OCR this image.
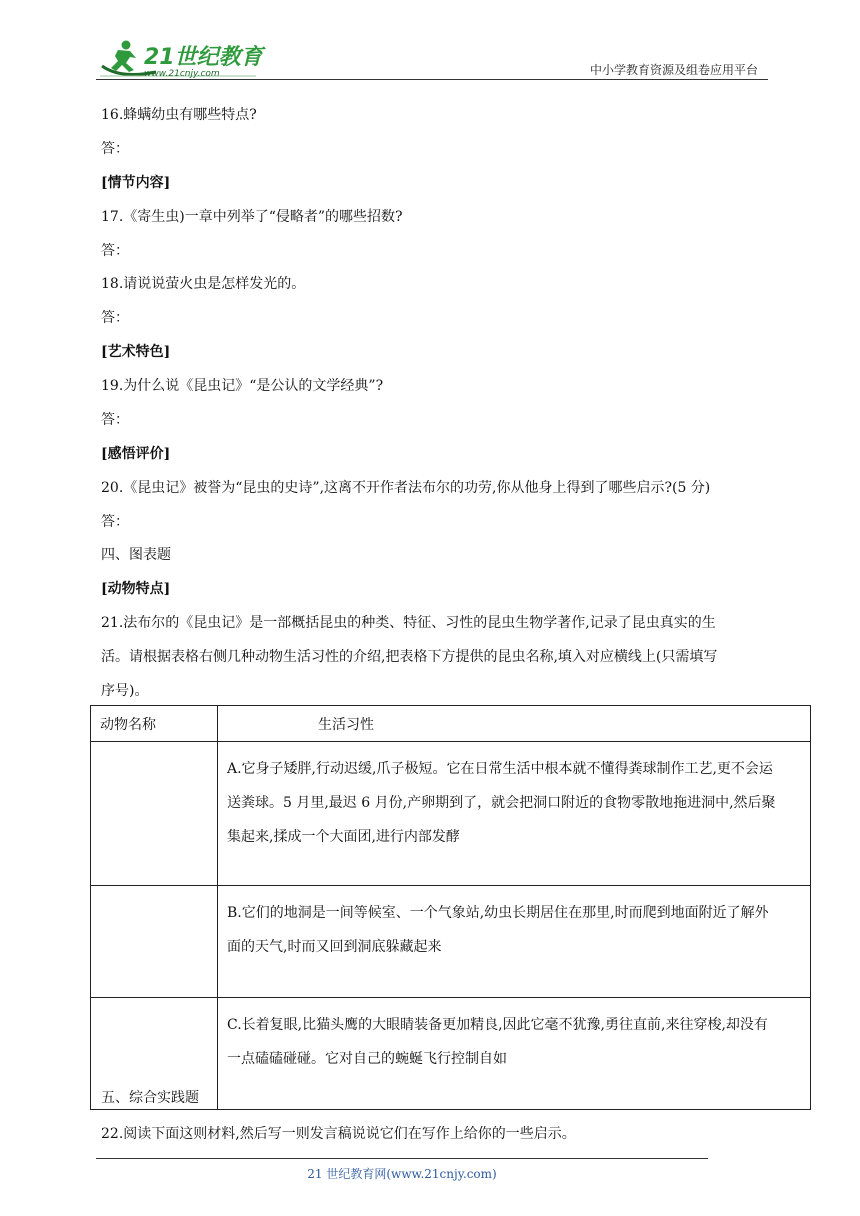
21世纪教育
www.21cnjy.com	中小学教育资源及组卷应用平台
16.蜂螨幼虫有哪些特点?
答：
[情节内容]
17.《寄生虫)一章中列举了“侵略者”的哪些招数?
答：
18.请说说萤火虫是怎样发光的。
答：
[艺术特色]
19.为什么说《昆虫记》“是公认的文学经典”?
答：
[感悟评价]
20.《昆虫记》被誉为“昆虫的史诗”,这离不开作者法布尔的功劳,你从他身上得到了哪些启示?(5 分)
答：
四、图表题
[动物特点]
21.法布尔的《昆虫记》是一部概括昆虫的种类、特征、习性的昆虫生物学著作,记录了昆虫真实的生
活。请根据表格右侧几种动物生活习性的介绍,把表格下方提供的昆虫名称,填入对应横线上(只需填写
序号)。
动物名称	生活习性

	A.它身子矮胖,行动迟缓,爪子极短。它在日常生活中根本就不懂得粪球制作工艺,更不会运
送粪球。5 月里,最迟 6 月份,产卵期到了，就会把洞口附近的食物零散地拖进洞中,然后聚
集起来,揉成一个大面团,进行内部发酵

	B.它们的地洞是一间等候室、一个气象站,幼虫长期居住在那里,时而爬到地面附近了解外
面的天气,时而又回到洞底躲藏起来

	C.长着复眼,比猫头鹰的大眼睛装备更加精良,因此它毫不犹豫,勇往直前,来往穿梭,却没有
一点磕磕碰碰。它对自己的蜿蜒飞行控制自如
五、综合实践题
22.阅读下面这则材料,然后写一则发言稿说说它们在写作上给你的一些启示。
21 世纪教育网(www.21cnjy.com)
